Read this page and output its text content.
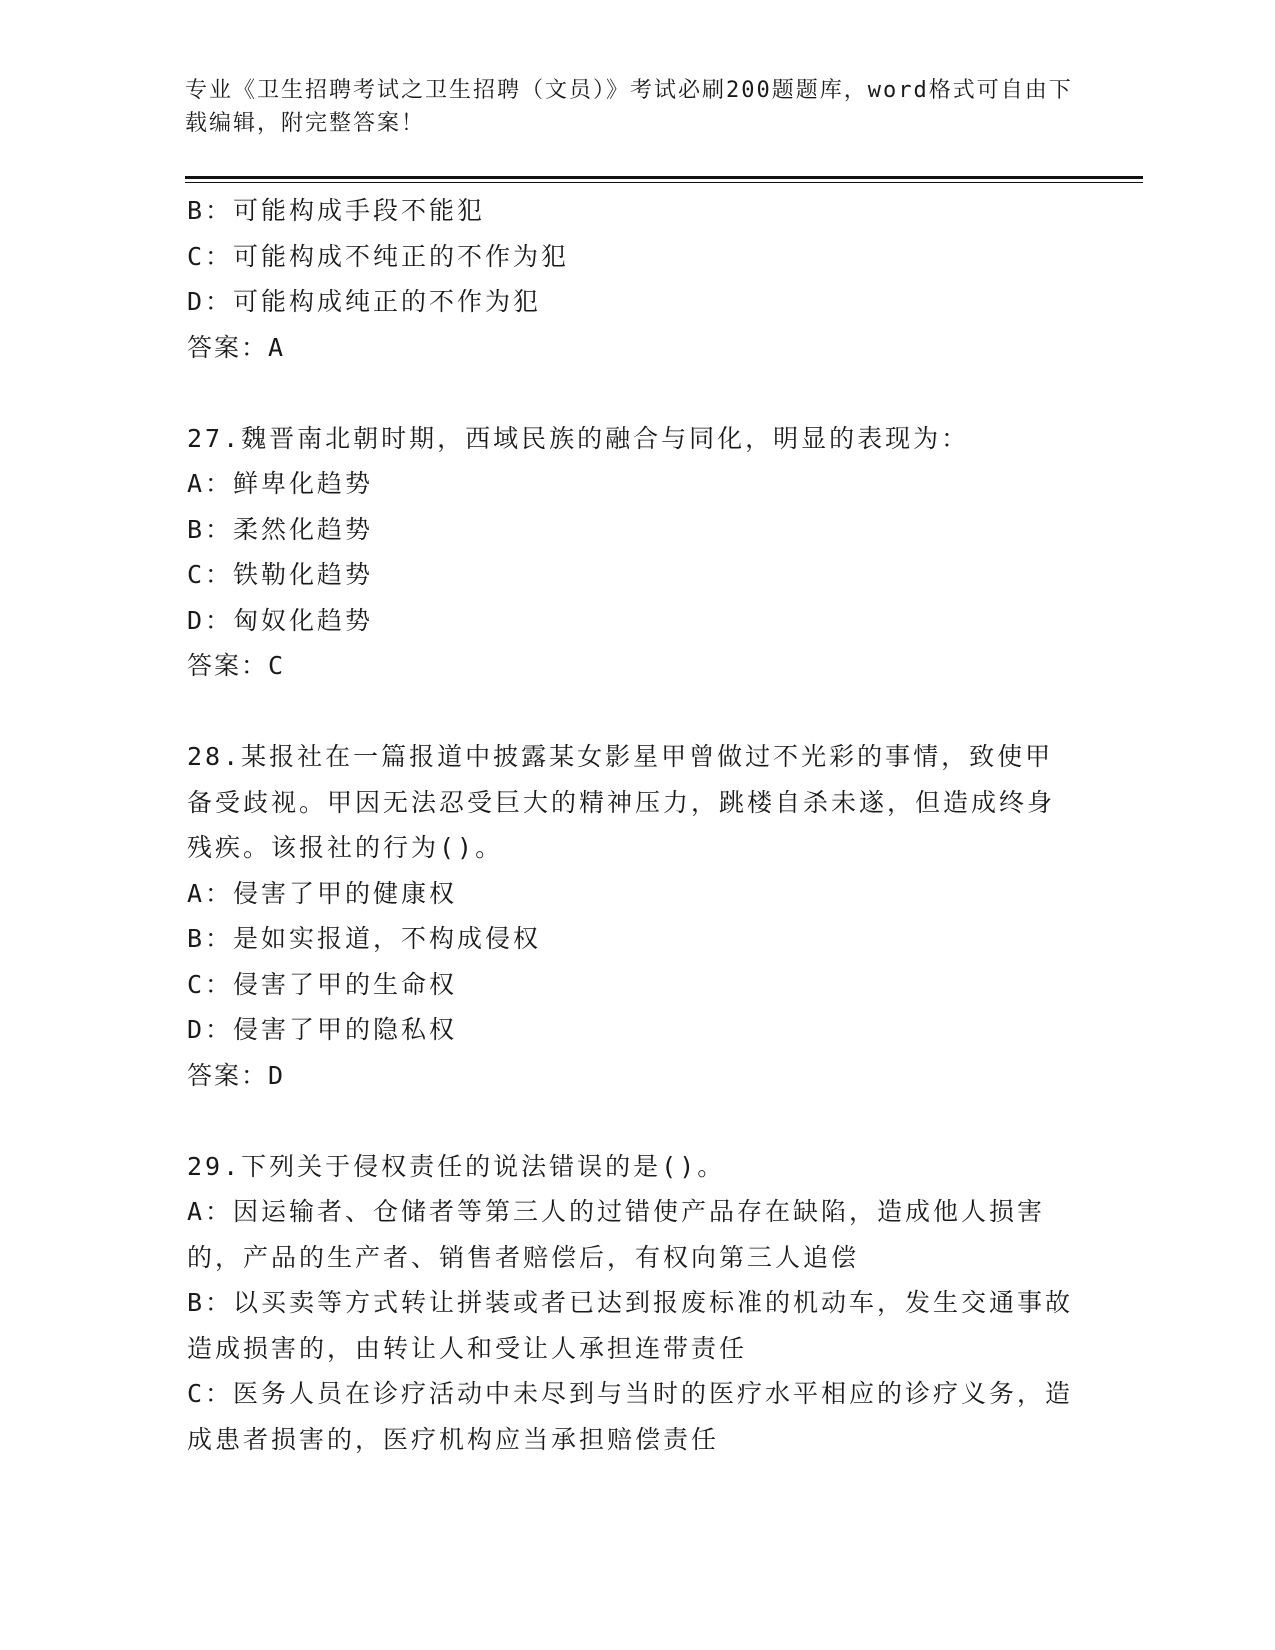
专业《卫生招聘考试之卫生招聘（文员）》考试必刷200题题库，word格式可自由下载编辑，附完整答案！
B：可能构成手段不能犯
C：可能构成不纯正的不作为犯
D：可能构成纯正的不作为犯
答案：A
27.魏晋南北朝时期，西域民族的融合与同化，明显的表现为：
A：鲜卑化趋势
B：柔然化趋势
C：铁勒化趋势
D：匈奴化趋势
答案：C
28.某报社在一篇报道中披露某女影星甲曾做过不光彩的事情，致使甲备受歧视。甲因无法忍受巨大的精神压力，跳楼自杀未遂，但造成终身残疾。该报社的行为()。
A：侵害了甲的健康权
B：是如实报道，不构成侵权
C：侵害了甲的生命权
D：侵害了甲的隐私权
答案：D
29.下列关于侵权责任的说法错误的是()。
A：因运输者、仓储者等第三人的过错使产品存在缺陷，造成他人损害的，产品的生产者、销售者赔偿后，有权向第三人追偿
B：以买卖等方式转让拼装或者已达到报废标准的机动车，发生交通事故造成损害的，由转让人和受让人承担连带责任
C：医务人员在诊疗活动中未尽到与当时的医疗水平相应的诊疗义务，造成患者损害的，医疗机构应当承担赔偿责任
